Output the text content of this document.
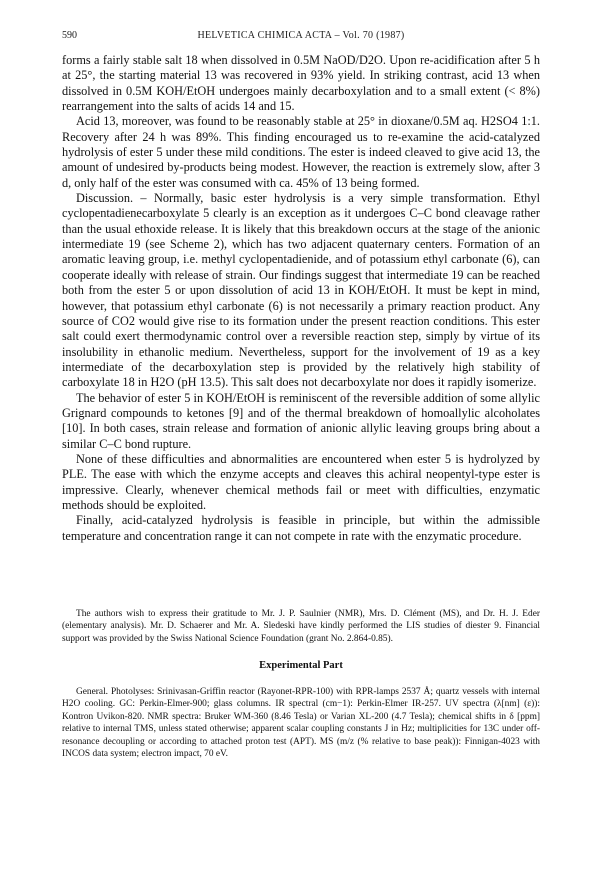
590	HELVETICA CHIMICA ACTA – Vol. 70 (1987)

forms a fairly stable salt 18 when dissolved in 0.5M NaOD/D2O. Upon re-acidification after 5 h at 25°, the starting material 13 was recovered in 93% yield. In striking contrast, acid 13 when dissolved in 0.5M KOH/EtOH undergoes mainly decarboxylation and to a small extent (< 8%) rearrangement into the salts of acids 14 and 15.

Acid 13, moreover, was found to be reasonably stable at 25° in dioxane/0.5M aq. H2SO4 1:1. Recovery after 24 h was 89%. This finding encouraged us to re-examine the acid-catalyzed hydrolysis of ester 5 under these mild conditions. The ester is indeed cleaved to give acid 13, the amount of undesired by-products being modest. However, the reaction is extremely slow, after 3 d, only half of the ester was consumed with ca. 45% of 13 being formed.

Discussion. – Normally, basic ester hydrolysis is a very simple transformation. Ethyl cyclopentadienecarboxylate 5 clearly is an exception as it undergoes C–C bond cleavage rather than the usual ethoxide release. It is likely that this breakdown occurs at the stage of the anionic intermediate 19 (see Scheme 2), which has two adjacent quaternary centers. Formation of an aromatic leaving group, i.e. methyl cyclopentadienide, and of potassium ethyl carbonate (6), can cooperate ideally with release of strain. Our findings suggest that intermediate 19 can be reached both from the ester 5 or upon dissolution of acid 13 in KOH/EtOH. It must be kept in mind, however, that potassium ethyl carbonate (6) is not necessarily a primary reaction product. Any source of CO2 would give rise to its formation under the present reaction conditions. This ester salt could exert thermodynamic control over a reversible reaction step, simply by virtue of its insolubility in ethanolic medium. Nevertheless, support for the involvement of 19 as a key intermediate of the decarboxylation step is provided by the relatively high stability of carboxylate 18 in H2O (pH 13.5). This salt does not decarboxylate nor does it rapidly isomerize.

The behavior of ester 5 in KOH/EtOH is reminiscent of the reversible addition of some allylic Grignard compounds to ketones [9] and of the thermal breakdown of homoallylic alcoholates [10]. In both cases, strain release and formation of anionic allylic leaving groups bring about a similar C–C bond rupture.

None of these difficulties and abnormalities are encountered when ester 5 is hydrolyzed by PLE. The ease with which the enzyme accepts and cleaves this achiral neopentyl-type ester is impressive. Clearly, whenever chemical methods fail or meet with difficulties, enzymatic methods should be exploited.

Finally, acid-catalyzed hydrolysis is feasible in principle, but within the admissible temperature and concentration range it can not compete in rate with the enzymatic procedure.

The authors wish to express their gratitude to Mr. J. P. Saulnier (NMR), Mrs. D. Clément (MS), and Dr. H. J. Eder (elementary analysis). Mr. D. Schaerer and Mr. A. Sledeski have kindly performed the LIS studies of diester 9. Financial support was provided by the Swiss National Science Foundation (grant No. 2.864-0.85).
Experimental Part
General. Photolyses: Srinivasan-Griffin reactor (Rayonet-RPR-100) with RPR-lamps 2537 Å; quartz vessels with internal H2O cooling. GC: Perkin-Elmer-900; glass columns. IR spectral (cm−1): Perkin-Elmer IR-257. UV spectra (λ[nm] (ε)): Kontron Uvikon-820. NMR spectra: Bruker WM-360 (8.46 Tesla) or Varian XL-200 (4.7 Tesla); chemical shifts in δ [ppm] relative to internal TMS, unless stated otherwise; apparent scalar coupling constants J in Hz; multiplicities for 13C under off-resonance decoupling or according to attached proton test (APT). MS (m/z (% relative to base peak)): Finnigan-4023 with INCOS data system; electron impact, 70 eV.
